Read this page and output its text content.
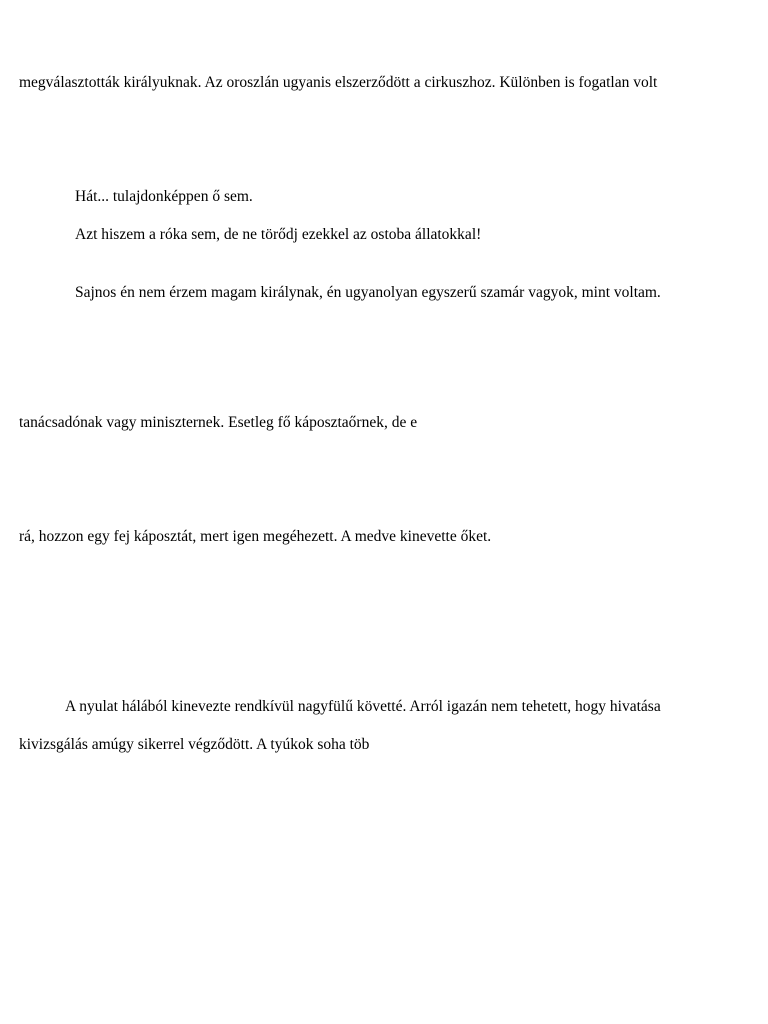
megválasztották királyuknak. Az oroszlán ugyanis elszerződött a cirkuszhoz. Különben is fogatlan volt

Hát... tulajdonképpen ő sem.

Azt hiszem a róka sem, de ne törődj ezekkel az ostoba állatokkal!

Sajnos én nem érzem magam királynak, én ugyanolyan egyszerű szamár vagyok, mint voltam.

tanácsadónak vagy miniszternek. Esetleg fő káposztaőrnek, de e

rá, hozzon egy fej káposztát, mert igen megéhezett. A medve kinevette őket.

A nyulat hálából kinevezte rendkívül nagyfülű követté. Arról igazán nem tehetett, hogy hivatása

kivizsgálás amúgy sikerrel végződött. A tyúkok soha töb
